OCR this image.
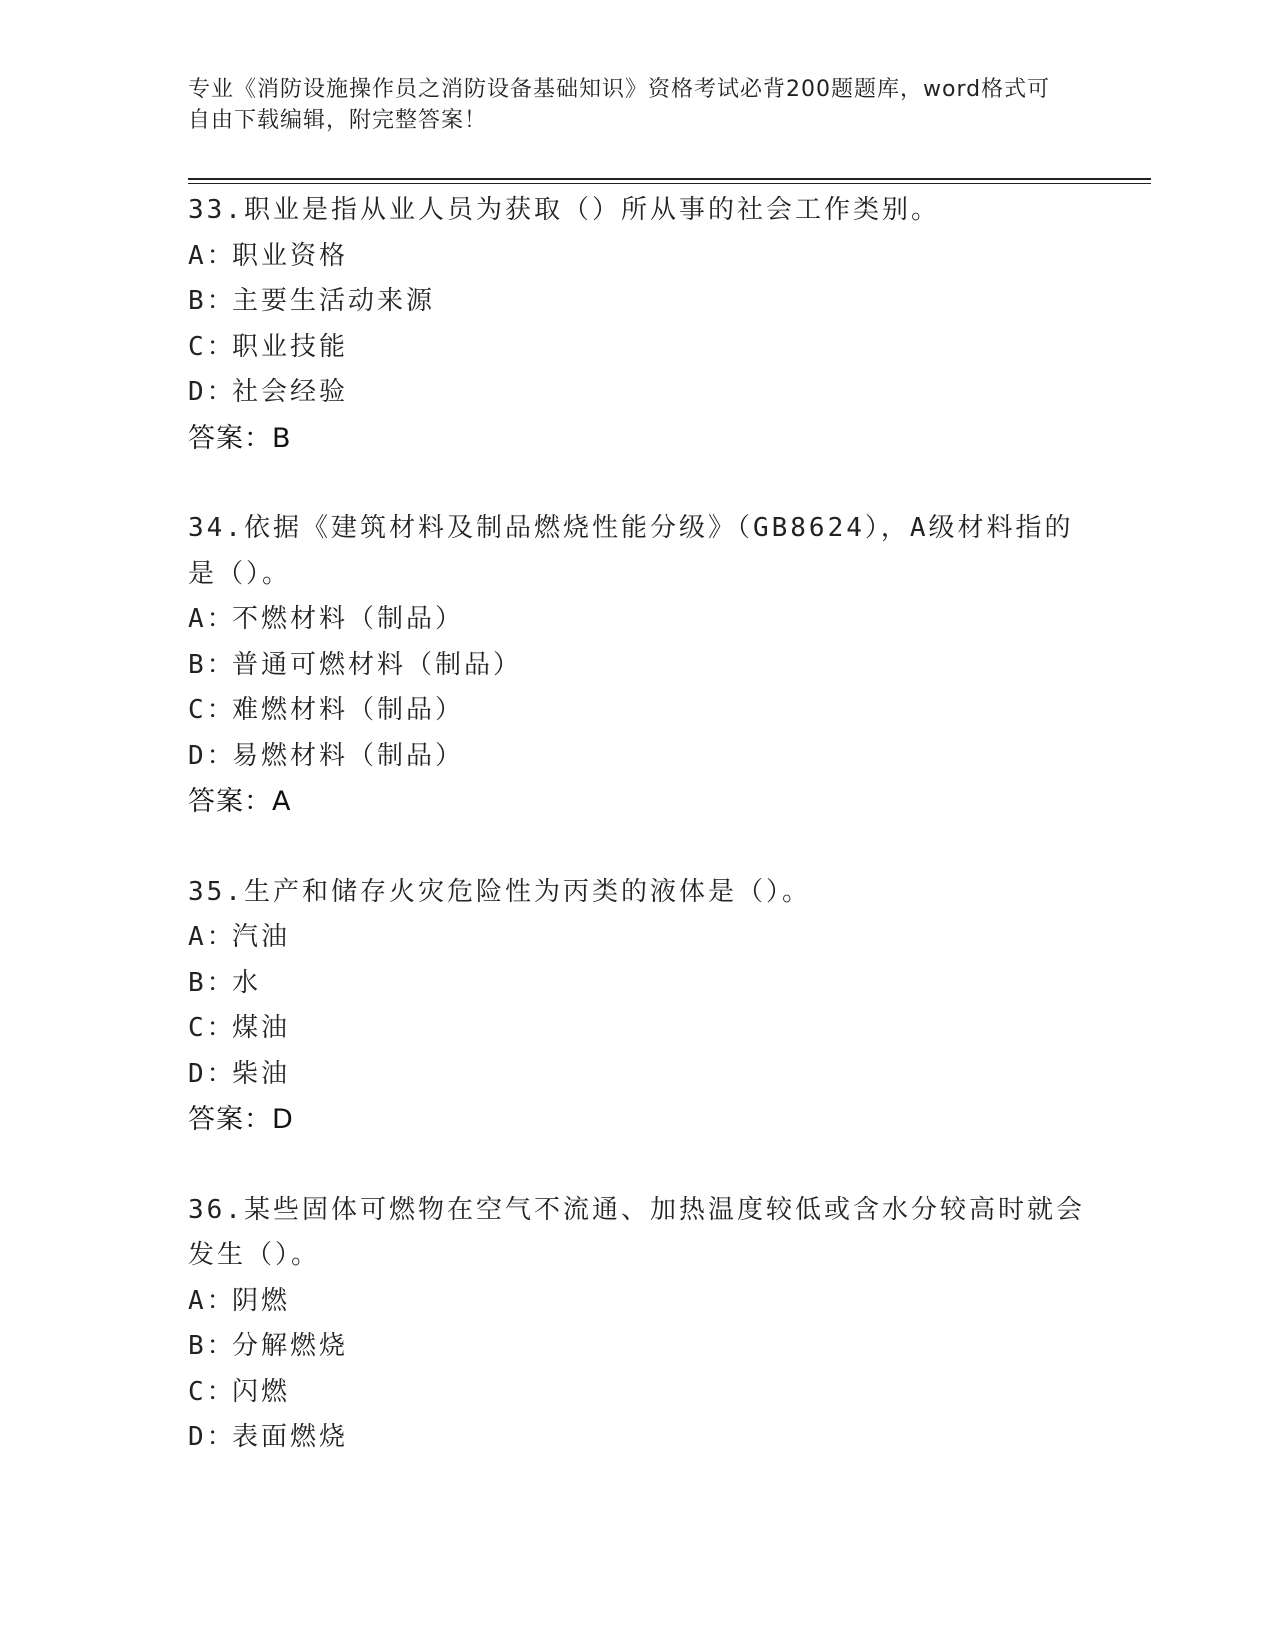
专业《消防设施操作员之消防设备基础知识》资格考试必背200题题库，word格式可自由下载编辑，附完整答案！
33.职业是指从业人员为获取（）所从事的社会工作类别。
A：职业资格
B：主要生活动来源
C：职业技能
D：社会经验
答案：B
34.依据《建筑材料及制品燃烧性能分级》（GB8624），A级材料指的是（）。
A：不燃材料（制品）
B：普通可燃材料（制品）
C：难燃材料（制品）
D：易燃材料（制品）
答案：A
35.生产和储存火灾危险性为丙类的液体是（）。
A：汽油
B：水
C：煤油
D：柴油
答案：D
36.某些固体可燃物在空气不流通、加热温度较低或含水分较高时就会发生（）。
A：阴燃
B：分解燃烧
C：闪燃
D：表面燃烧
